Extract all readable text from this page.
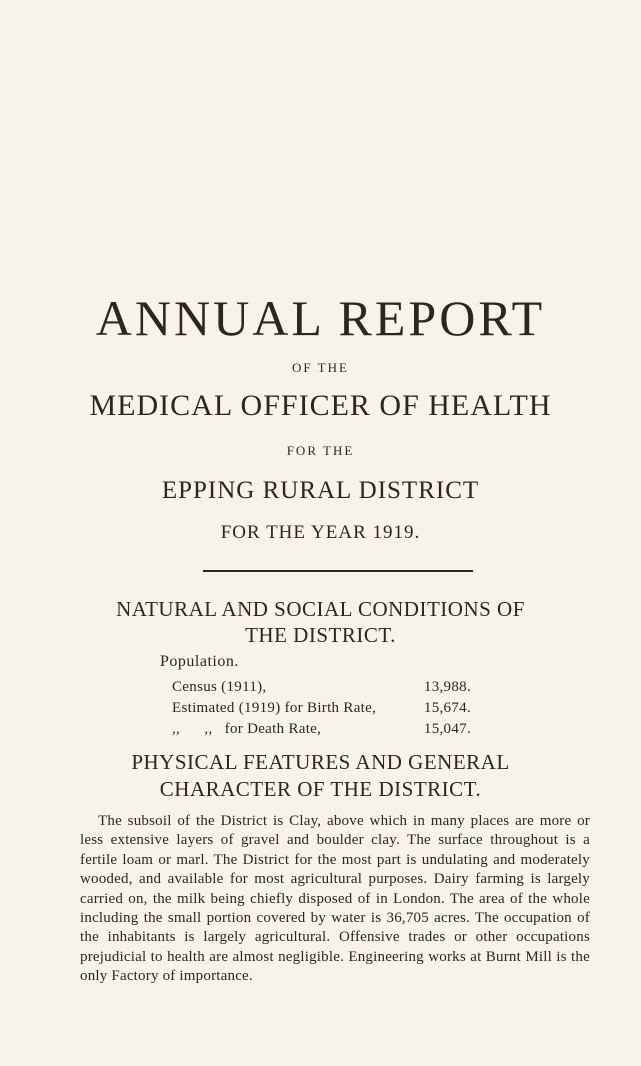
ANNUAL REPORT
OF THE
MEDICAL OFFICER OF HEALTH
FOR THE
EPPING RURAL DISTRICT
FOR THE YEAR 1919.
NATURAL AND SOCIAL CONDITIONS OF
THE DISTRICT.
Population.
Census (1911),	13,988.
Estimated (1919) for Birth Rate,	15,674.
,,      ,,   for Death Rate,	15,047.
PHYSICAL FEATURES AND GENERAL
CHARACTER OF THE DISTRICT.

The subsoil of the District is Clay, above which in many places are more or less extensive layers of gravel and boulder clay. The surface throughout is a fertile loam or marl. The District for the most part is undulating and moderately wooded, and available for most agricultural purposes. Dairy farming is largely carried on, the milk being chiefly disposed of in London. The area of the whole including the small portion covered by water is 36,705 acres. The occupation of the inhabitants is largely agricultural. Offensive trades or other occupations prejudicial to health are almost negligible. Engineering works at Burnt Mill is the only Factory of importance.
